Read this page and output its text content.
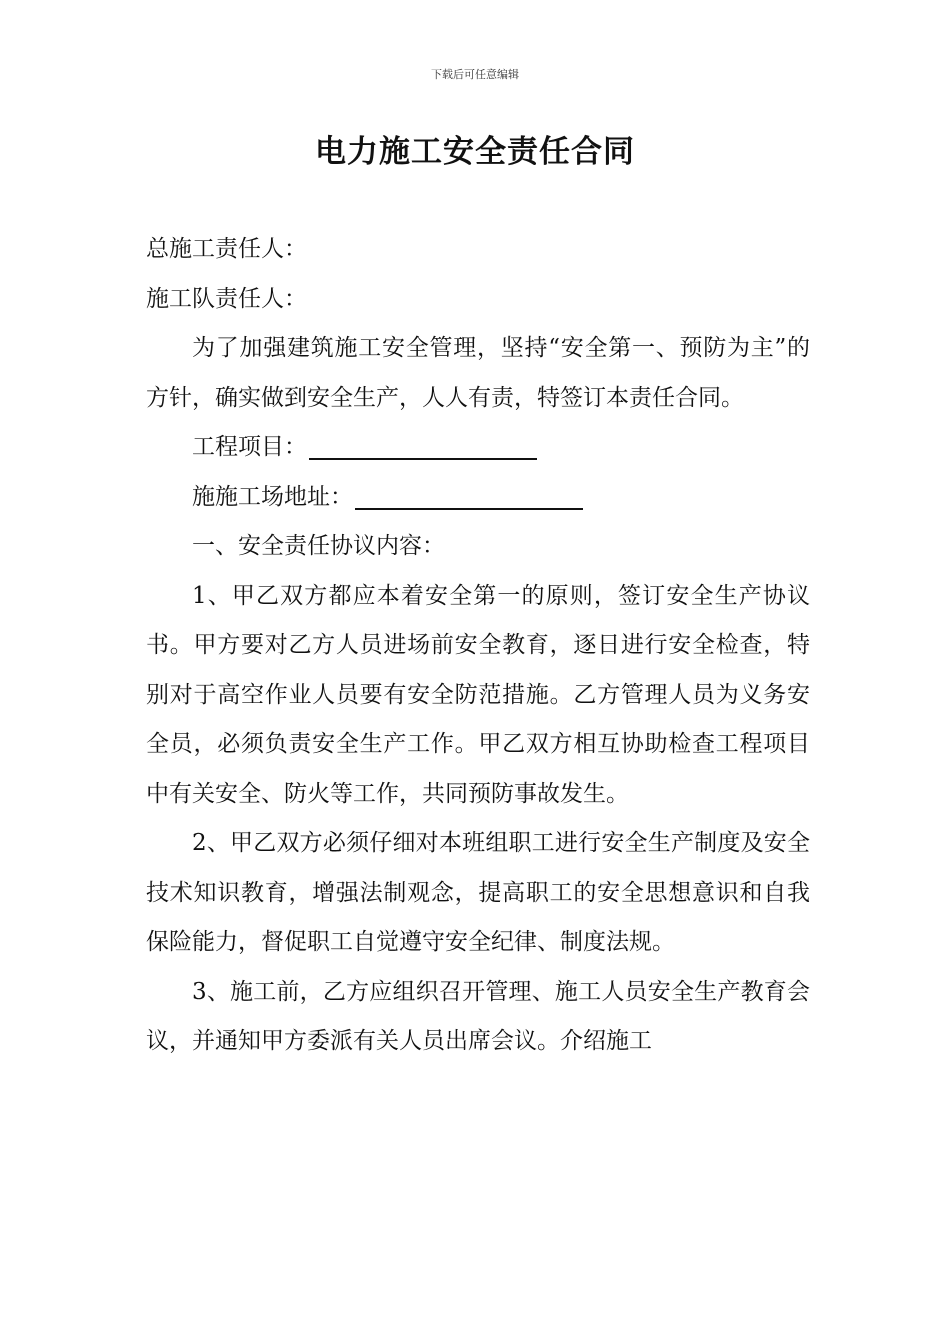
下载后可任意编辑
电力施工安全责任合同

总施工责任人：

施工队责任人：

为了加强建筑施工安全管理，坚持“安全第一、预防为主”的方针，确实做到安全生产，人人有责，特签订本责任合同。

工程项目：

施施工场地址：

一、安全责任协议内容：

1、甲乙双方都应本着安全第一的原则，签订安全生产协议书。甲方要对乙方人员进场前安全教育，逐日进行安全检查，特别对于高空作业人员要有安全防范措施。乙方管理人员为义务安全员，必须负责安全生产工作。甲乙双方相互协助检查工程项目中有关安全、防火等工作，共同预防事故发生。

2、甲乙双方必须仔细对本班组职工进行安全生产制度及安全技术知识教育，增强法制观念，提高职工的安全思想意识和自我保险能力，督促职工自觉遵守安全纪律、制度法规。

3、施工前，乙方应组织召开管理、施工人员安全生产教育会议，并通知甲方委派有关人员出席会议。介绍施工
